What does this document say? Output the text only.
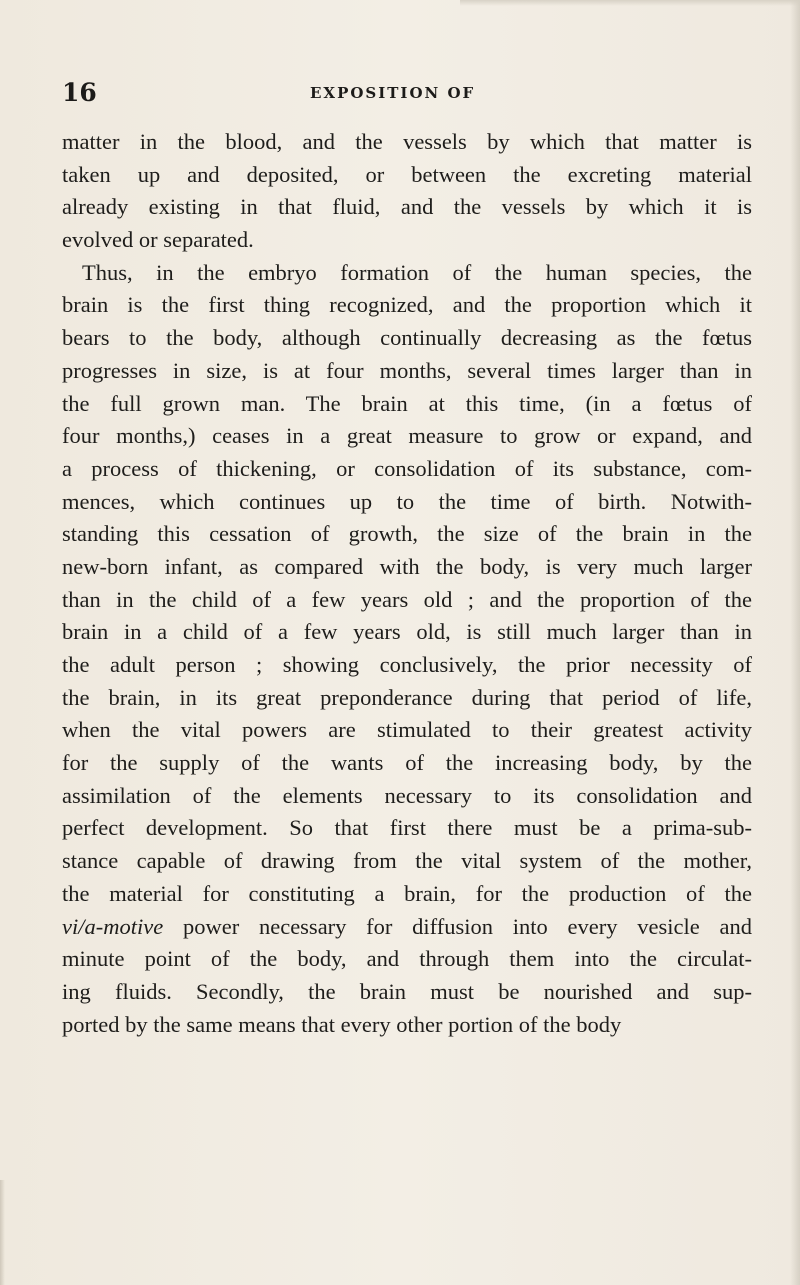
16	EXPOSITION OF
matter in the blood, and the vessels by which that matter is
taken up and deposited, or between the excreting material
already existing in that fluid, and the vessels by which it is
evolved or separated.
Thus, in the embryo formation of the human species, the
brain is the first thing recognized, and the proportion which it
bears to the body, although continually decreasing as the fœtus
progresses in size, is at four months, several times larger than in
the full grown man. The brain at this time, (in a fœtus of
four months,) ceases in a great measure to grow or expand, and
a process of thickening, or consolidation of its substance, com-
mences, which continues up to the time of birth. Notwith-
standing this cessation of growth, the size of the brain in the
new-born infant, as compared with the body, is very much larger
than in the child of a few years old ; and the proportion of the
brain in a child of a few years old, is still much larger than in
the adult person ; showing conclusively, the prior necessity of
the brain, in its great preponderance during that period of life,
when the vital powers are stimulated to their greatest activity
for the supply of the wants of the increasing body, by the
assimilation of the elements necessary to its consolidation and
perfect development. So that first there must be a prima-sub-
stance capable of drawing from the vital system of the mother,
the material for constituting a brain, for the production of the
vi/a-motive power necessary for diffusion into every vesicle and
minute point of the body, and through them into the circulat-
ing fluids. Secondly, the brain must be nourished and sup-
ported by the same means that every other portion of the body
